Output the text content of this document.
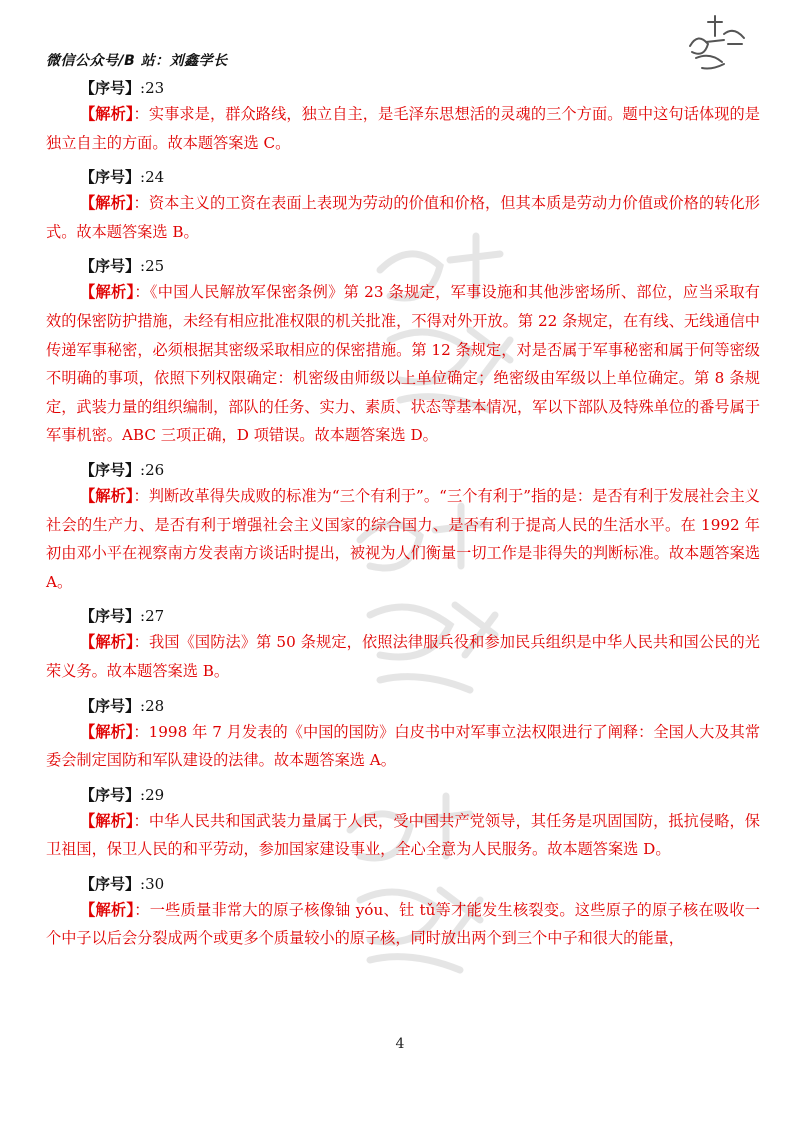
微信公众号/B 站：刘鑫学长
瀚题公考
【序号】:23

【解析】：实事求是，群众路线，独立自主，是毛泽东思想活的灵魂的三个方面。题中这句话体现的是独立自主的方面。故本题答案选 C。

【序号】:24

【解析】：资本主义的工资在表面上表现为劳动的价值和价格，但其本质是劳动力价值或价格的转化形式。故本题答案选 B。

【序号】:25

【解析】：《中国人民解放军保密条例》第 23 条规定，军事设施和其他涉密场所、部位，应当采取有效的保密防护措施，未经有相应批准权限的机关批准，不得对外开放。第 22 条规定，在有线、无线通信中传递军事秘密，必须根据其密级采取相应的保密措施。第 12 条规定，对是否属于军事秘密和属于何等密级不明确的事项，依照下列权限确定：机密级由师级以上单位确定；绝密级由军级以上单位确定。第 8 条规定，武装力量的组织编制，部队的任务、实力、素质、状态等基本情况，军以下部队及特殊单位的番号属于军事机密。ABC 三项正确，D 项错误。故本题答案选 D。

【序号】:26

【解析】：判断改革得失成败的标准为“三个有利于”。“三个有利于”指的是：是否有利于发展社会主义社会的生产力、是否有利于增强社会主义国家的综合国力、是否有利于提高人民的生活水平。在 1992 年初由邓小平在视察南方发表南方谈话时提出，被视为人们衡量一切工作是非得失的判断标准。故本题答案选 A。

【序号】:27

【解析】：我国《国防法》第 50 条规定，依照法律服兵役和参加民兵组织是中华人民共和国公民的光荣义务。故本题答案选 B。

【序号】:28

【解析】：1998 年 7 月发表的《中国的国防》白皮书中对军事立法权限进行了阐释：全国人大及其常委会制定国防和军队建设的法律。故本题答案选 A。

【序号】:29

【解析】：中华人民共和国武装力量属于人民，受中国共产党领导，其任务是巩固国防，抵抗侵略，保卫祖国，保卫人民的和平劳动，参加国家建设事业，全心全意为人民服务。故本题答案选 D。

【序号】:30

【解析】：一些质量非常大的原子核像铀 yóu、钍 tǔ等才能发生核裂变。这些原子的原子核在吸收一个中子以后会分裂成两个或更多个质量较小的原子核，同时放出两个到三个中子和很大的能量，

4
